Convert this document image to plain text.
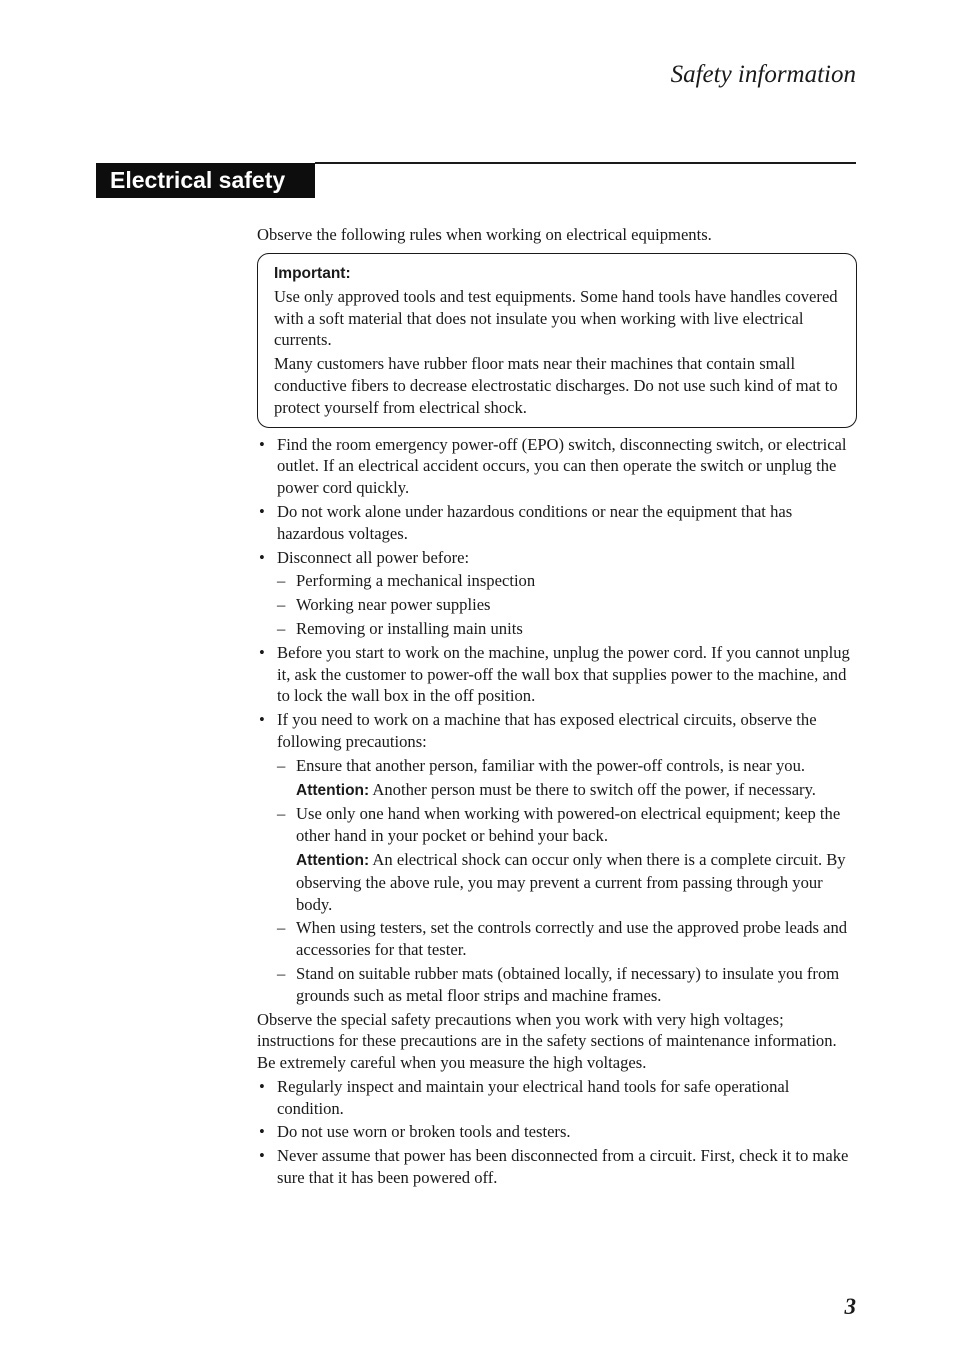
Safety information
Electrical safety

Observe the following rules when working on electrical equipments.

Important:

Use only approved tools and test equipments. Some hand tools have handles covered with a soft material that does not insulate you when working with live electrical currents.

Many customers have rubber floor mats near their machines that contain small conductive fibers to decrease electrostatic discharges. Do not use such kind of mat to protect yourself from electrical shock.

• Find the room emergency power-off (EPO) switch, disconnecting switch, or electrical outlet. If an electrical accident occurs, you can then operate the switch or unplug the power cord quickly.
• Do not work alone under hazardous conditions or near the equipment that has hazardous voltages.
• Disconnect all power before:
– Performing a mechanical inspection
– Working near power supplies
– Removing or installing main units
• Before you start to work on the machine, unplug the power cord. If you cannot unplug it, ask the customer to power-off the wall box that supplies power to the machine, and to lock the wall box in the off position.
• If you need to work on a machine that has exposed electrical circuits, observe the following precautions:
– Ensure that another person, familiar with the power-off controls, is near you.

Attention: Another person must be there to switch off the power, if necessary.

– Use only one hand when working with powered-on electrical equipment; keep the other hand in your pocket or behind your back.

Attention: An electrical shock can occur only when there is a complete circuit. By observing the above rule, you may prevent a current from passing through your body.

– When using testers, set the controls correctly and use the approved probe leads and accessories for that tester.
– Stand on suitable rubber mats (obtained locally, if necessary) to insulate you from grounds such as metal floor strips and machine frames.

Observe the special safety precautions when you work with very high voltages; instructions for these precautions are in the safety sections of maintenance information. Be extremely careful when you measure the high voltages.

• Regularly inspect and maintain your electrical hand tools for safe operational condition.
• Do not use worn or broken tools and testers.
• Never assume that power has been disconnected from a circuit. First, check it to make sure that it has been powered off.
3
